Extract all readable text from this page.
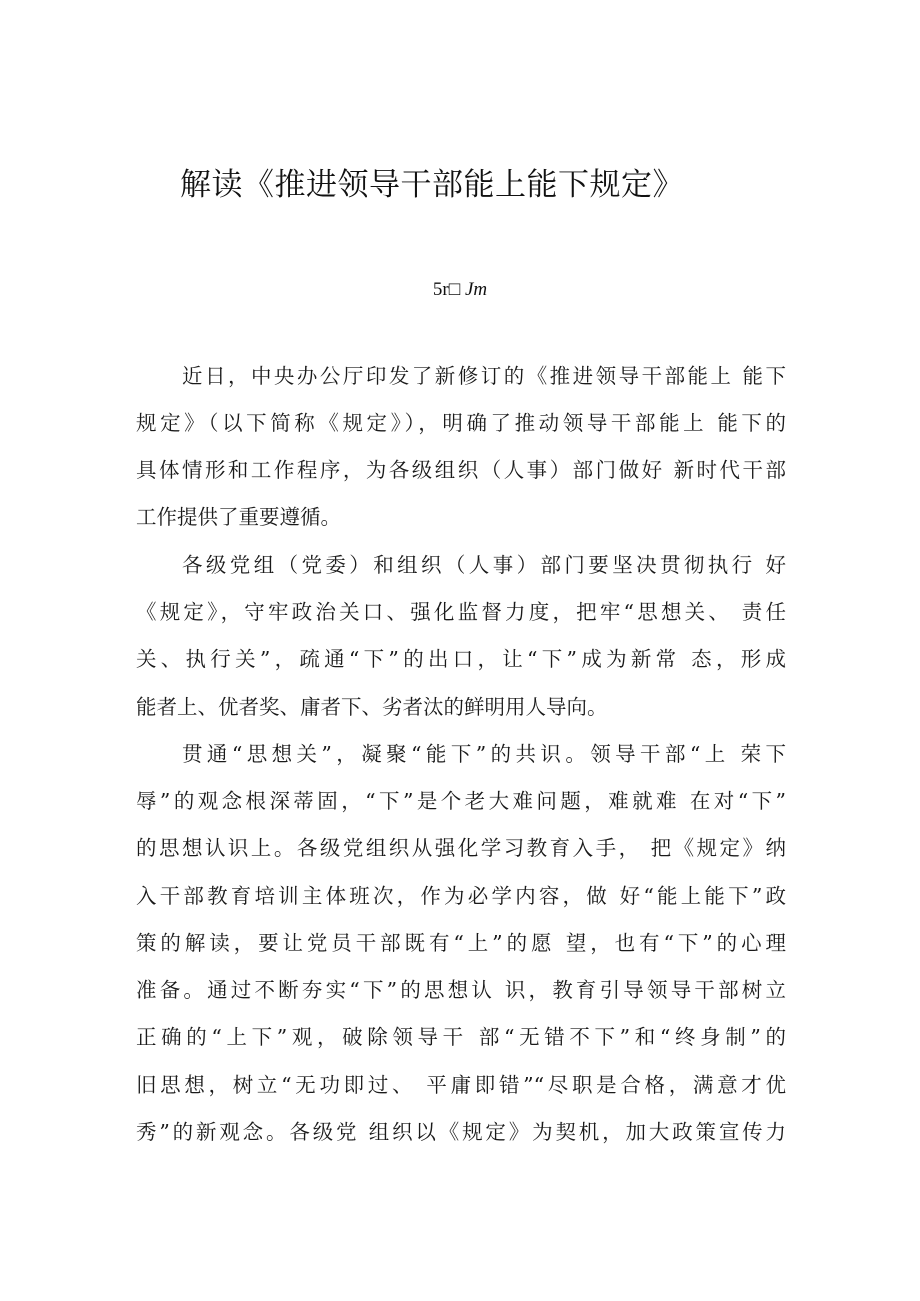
解读《推进领导干部能上能下规定》
5r□ Jm
近日，中央办公厅印发了新修订的《推进领导干部能上 能下
规定》（以下简称《规定》），明确了推动领导干部能上 能下的
具体情形和工作程序，为各级组织（人事）部门做好 新时代干部
工作提供了重要遵循。
各级党组（党委）和组织（人事）部门要坚决贯彻执行 好
《规定》，守牢政治关口、强化监督力度，把牢“思想关、 责任
关、执行关”，疏通“下”的出口，让“下”成为新常 态，形成
能者上、优者奖、庸者下、劣者汰的鲜明用人导向。
贯通“思想关”，凝聚“能下”的共识。领导干部“上 荣下
辱”的观念根深蒂固，“下”是个老大难问题，难就难 在对“下”
的思想认识上。各级党组织从强化学习教育入手， 把《规定》纳
入干部教育培训主体班次，作为必学内容，做 好“能上能下”政
策的解读，要让党员干部既有“上”的愿 望，也有“下”的心理
准备。通过不断夯实“下”的思想认 识，教育引导领导干部树立
正确的“上下”观，破除领导干 部“无错不下”和“终身制”的
旧思想，树立“无功即过、 平庸即错”“尽职是合格，满意才优
秀”的新观念。各级党 组织以《规定》为契机，加大政策宣传力
